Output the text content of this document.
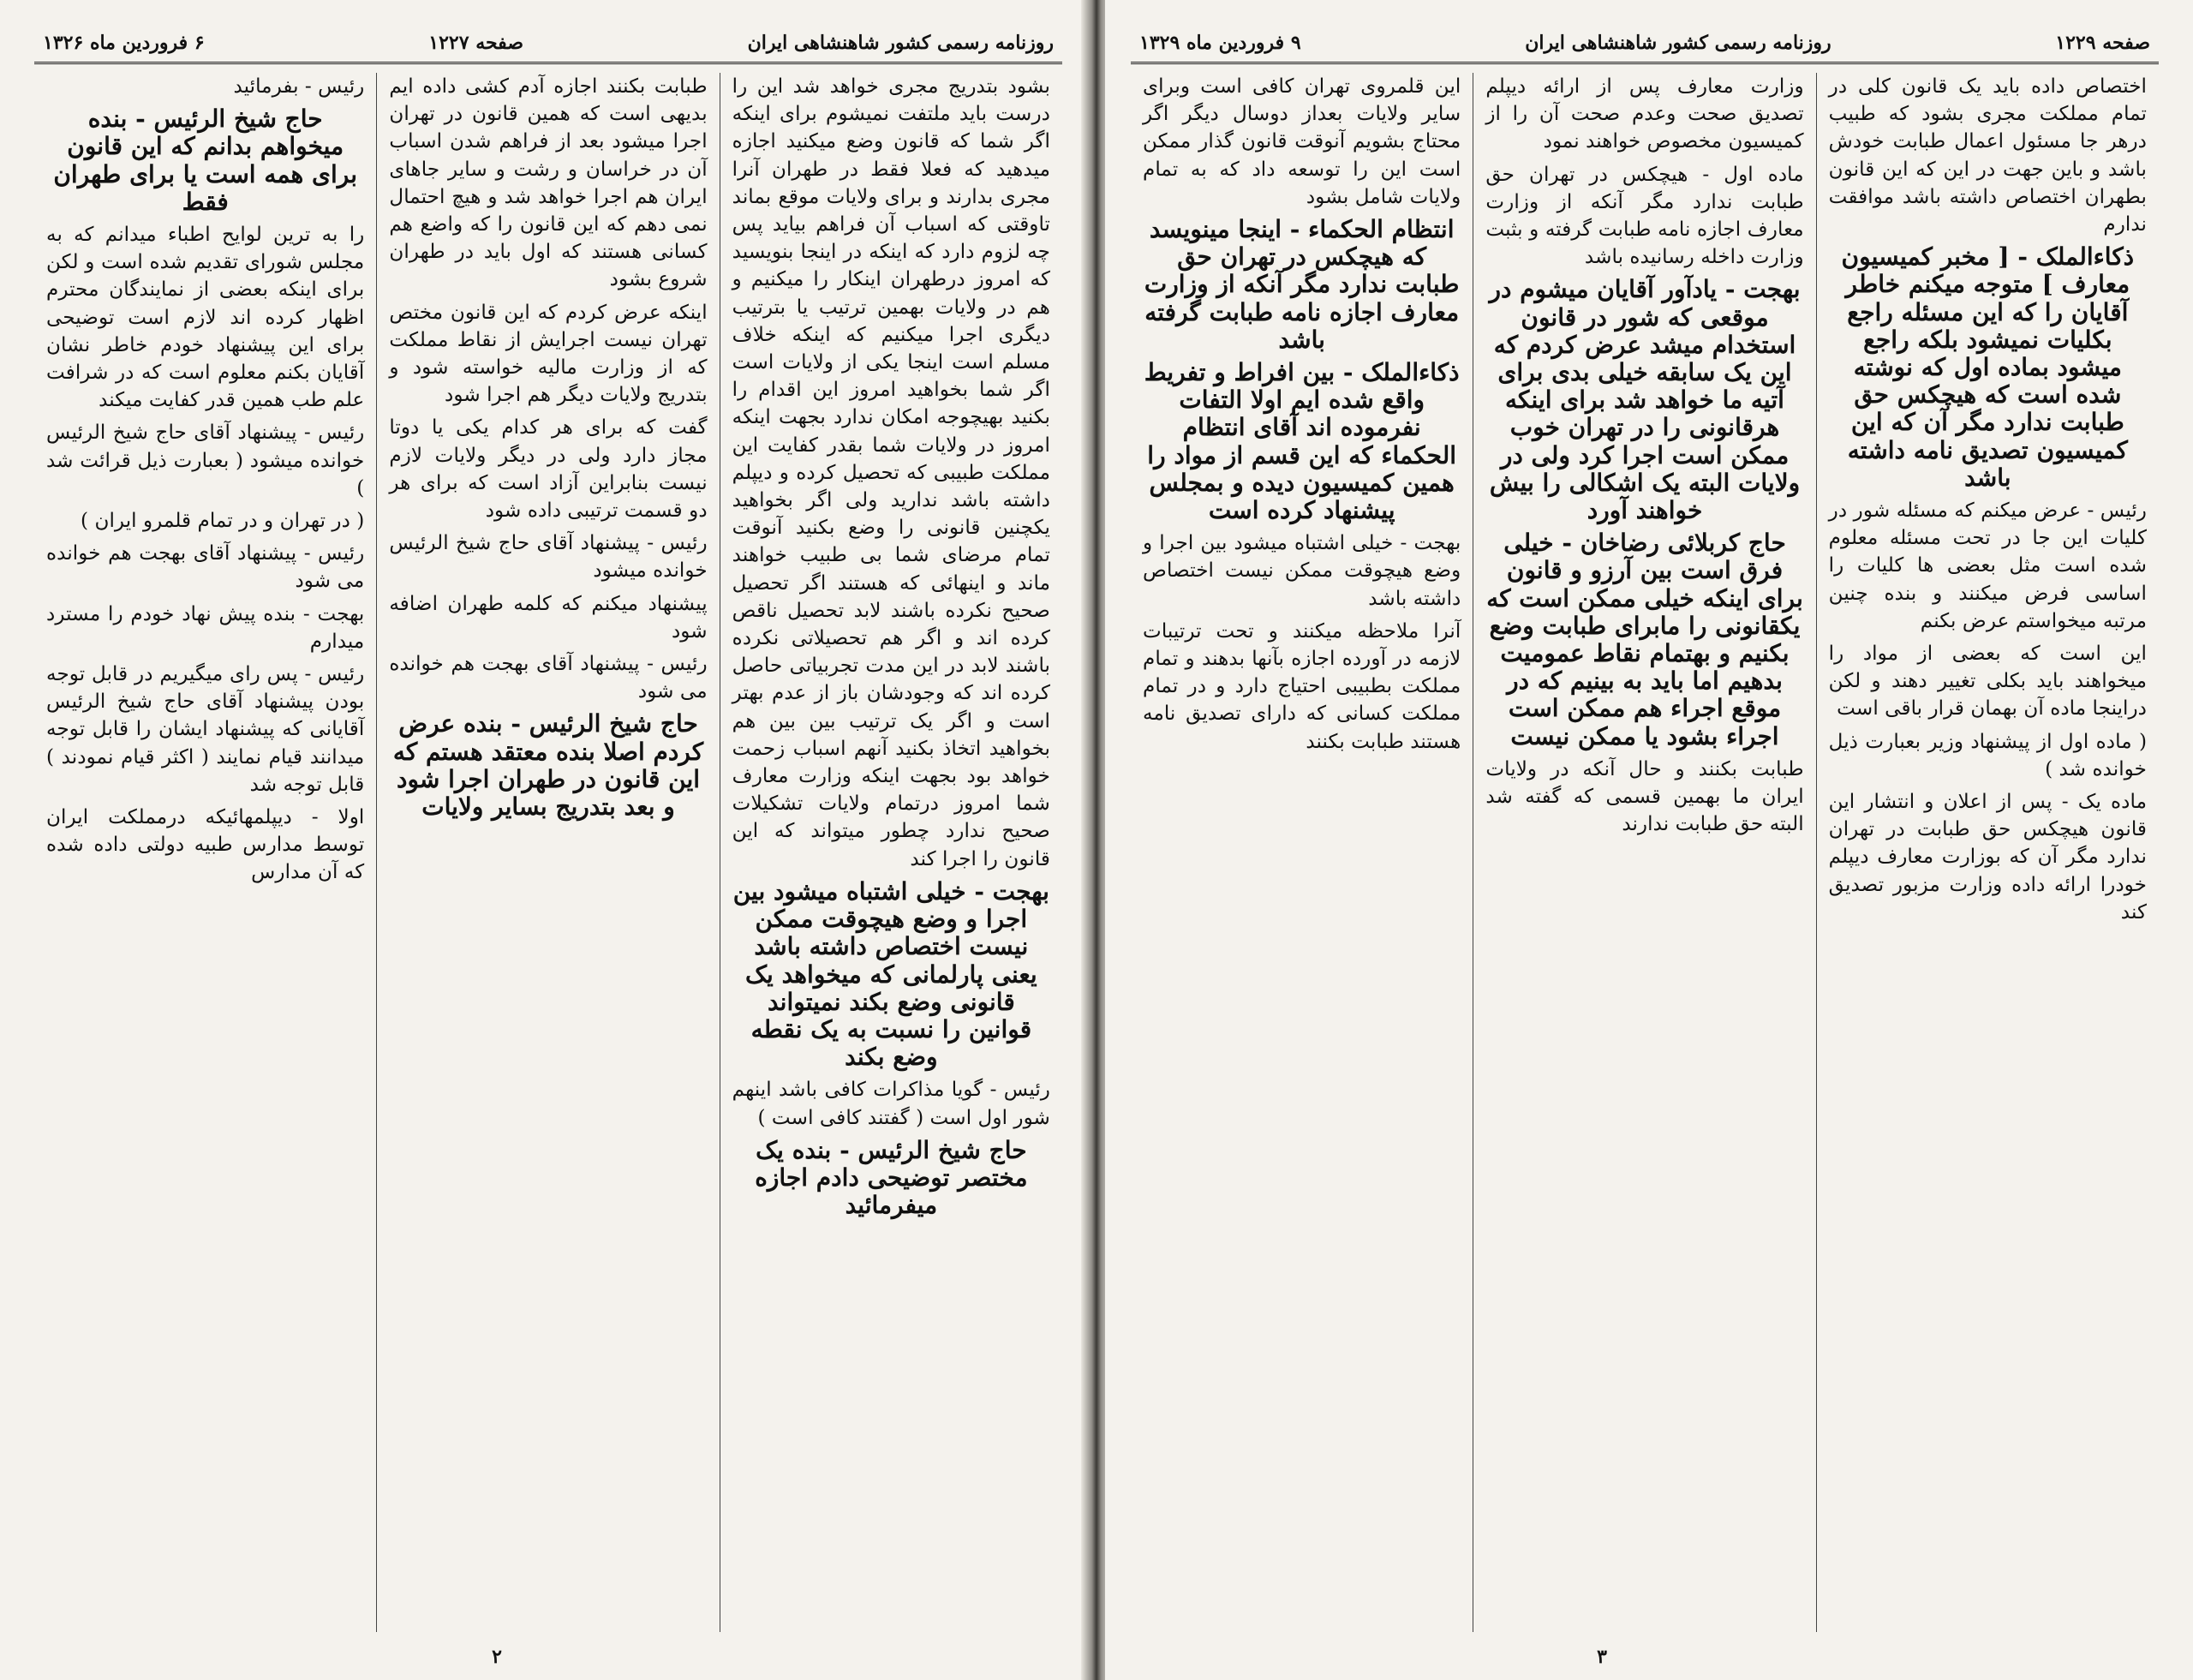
روزنامه رسمی کشور شاهنشاهی ایران
صفحه ۱۲۲۷
۶ فروردین ماه ۱۳۲۶

بشود بتدریج مجری خواهد شد این را درست باید ملتفت نمیشوم برای اینکه اگر شما که قانون وضع میکنید اجازه میدهید که فعلا فقط در طهران آنرا مجری بدارند و برای ولایات موقع بماند تاوقتی که اسباب آن فراهم بیاید پس چه لزوم دارد که اینکه در اینجا بنویسید که امروز درطهران اینکار را میکنیم و هم در ولایات بهمین ترتیب یا بترتیب دیگری اجرا میکنیم که اینکه خلاف مسلم است اینجا یکی از ولایات است اگر شما بخواهید امروز این اقدام را بکنید بهیچوجه امکان ندارد بجهت اینکه امروز در ولایات شما بقدر کفایت این مملکت طبیبی که تحصیل کرده و دیپلم داشته باشد ندارید ولی اگر بخواهید یکچنین قانونی را وضع بکنید آنوقت تمام مرضای شما بی طبیب خواهند ماند و اینهائی که هستند اگر تحصیل صحیح نکرده باشند لابد تحصیل ناقص کرده اند و اگر هم تحصیلاتی نکرده باشند لابد در این مدت تجربیاتی حاصل کرده اند که وجودشان باز از عدم بهتر است و اگر یک ترتیب بین بین هم بخواهید اتخاذ بکنید آنهم اسباب زحمت خواهد بود بجهت اینکه وزارت معارف شما امروز درتمام ولایات تشکیلات صحیح ندارد چطور میتواند که این قانون را اجرا کند

بهجت - خیلی اشتباه میشود بین اجرا و وضع هیچوقت ممکن نیست اختصاص داشته باشد یعنی پارلمانی که میخواهد یک قانونی وضع بکند نمیتواند قوانین را نسبت به یک نقطه وضع بکند

رئیس - گویا مذاکرات کافی باشد اینهم شور اول است ( گفتند کافی است )

حاج شیخ الرئیس - بنده یک مختصر توضیحی دادم اجازه میفرمائید

طبابت بکنند اجازه آدم کشی داده ایم بدیهی است که همین قانون در تهران اجرا میشود بعد از فراهم شدن اسباب آن در خراسان و رشت و سایر جاهای ایران هم اجرا خواهد شد و هیچ احتمال نمی دهم که این قانون را که واضع هم کسانی هستند که اول باید در طهران شروع بشود

اینکه عرض کردم که این قانون مختص تهران نیست اجرایش از نقاط مملکت که از وزارت مالیه خواسته شود و بتدریج ولایات دیگر هم اجرا شود

گفت که برای هر کدام یکی یا دوتا مجاز دارد ولی در دیگر ولایات لازم نیست بنابراین آزاد است که برای هر دو قسمت ترتیبی داده شود

رئیس - پیشنهاد آقای حاج شیخ الرئیس خوانده میشود

پیشنهاد میکنم که کلمه طهران اضافه شود

رئیس - پیشنهاد آقای بهجت هم خوانده می شود

حاج شیخ الرئیس - بنده عرض کردم اصلا بنده معتقد هستم که این قانون در طهران اجرا شود و بعد بتدریج بسایر ولایات

رئیس - بفرمائید

حاج شیخ الرئیس - بنده میخواهم بدانم که این قانون برای همه است یا برای طهران فقط

را به ترین لوایح اطباء میدانم که به مجلس شورای تقدیم شده است و لکن برای اینکه بعضی از نمایندگان محترم اظهار کرده اند لازم است توضیحی برای این پیشنهاد خودم خاطر نشان آقایان بکنم معلوم است که در شرافت علم طب همین قدر کفایت میکند

رئیس - پیشنهاد آقای حاج شیخ الرئیس خوانده میشود ( بعبارت ذیل قرائت شد )

( در تهران و در تمام قلمرو ایران )

رئیس - پیشنهاد آقای بهجت هم خوانده می شود

بهجت - بنده پیش نهاد خودم را مسترد میدارم

رئیس - پس رای میگیریم در قابل توجه بودن پیشنهاد آقای حاج شیخ الرئیس آقایانی که پیشنهاد ایشان را قابل توجه میدانند قیام نمایند ( اکثر قیام نمودند ) قابل توجه شد

اولا - دیپلمهائیکه درمملکت ایران توسط مدارس طبیه دولتی داده شده که آن مدارس

۲
صفحه ۱۲۲۹
روزنامه رسمی کشور شاهنشاهی ایران
۹ فروردین ماه ۱۳۲۹

اختصاص داده باید یک قانون کلی در تمام مملکت مجری بشود که طبیب درهر جا مسئول اعمال طبابت خودش باشد و باین جهت در این که این قانون بطهران اختصاص داشته باشد موافقت ندارم

ذکاءالملک - [ مخبر کمیسیون معارف ] متوجه میکنم خاطر آقایان را که این مسئله راجع بکلیات نمیشود بلکه راجع میشود بماده اول که نوشته شده است که هیچکس حق طبابت ندارد مگر آن که این کمیسیون تصدیق نامه داشته باشد

رئیس - عرض میکنم که مسئله شور در کلیات این جا در تحت مسئله معلوم شده است مثل بعضی ها کلیات را اساسی فرض میکنند و بنده چنین مرتبه میخواستم عرض بکنم

این است که بعضی از مواد را میخواهند باید بکلی تغییر دهند و لکن دراینجا ماده آن بهمان قرار باقی است

( ماده اول از پیشنهاد وزیر بعبارت ذیل خوانده شد )

ماده یک - پس از اعلان و انتشار این قانون هیچکس حق طبابت در تهران ندارد مگر آن که بوزارت معارف دیپلم خودرا ارائه داده وزارت مزبور تصدیق کند

وزارت معارف پس از ارائه دیپلم تصدیق صحت وعدم صحت آن را از کمیسیون مخصوص خواهند نمود

ماده اول - هیچکس در تهران حق طبابت ندارد مگر آنکه از وزارت معارف اجازه نامه طبابت گرفته و بثبت وزارت داخله رسانیده باشد

بهجت - یادآور آقایان میشوم در موقعی که شور در قانون استخدام میشد عرض کردم که این یک سابقه خیلی بدی برای آتیه ما خواهد شد برای اینکه هرقانونی را در تهران خوب ممکن است اجرا کرد ولی در ولایات البته یک اشکالی را بیش خواهند آورد

حاج کربلائی رضاخان - خیلی فرق است بین آرزو و قانون برای اینکه خیلی ممکن است که یکقانونی را مابرای طبابت وضع بکنیم و بهتمام نقاط عمومیت بدهیم اما باید به بینیم که در موقع اجراء هم ممکن است اجراء بشود یا ممکن نیست

طبابت بکنند و حال آنکه در ولایات ایران ما بهمین قسمی که گفته شد البته حق طبابت ندارند

این قلمروی تهران کافی است وبرای سایر ولایات بعداز دوسال دیگر اگر محتاج بشویم آنوقت قانون گذار ممکن است این را توسعه داد که به تمام ولایات شامل بشود

انتظام الحکماء - اینجا مینویسد که هیچکس در تهران حق طبابت ندارد مگر آنکه از وزارت معارف اجازه نامه طبابت گرفته باشد

ذکاءالملک - بین افراط و تفریط واقع شده ایم اولا التفات نفرموده اند آقای انتظام الحکماء که این قسم از مواد را همین کمیسیون دیده و بمجلس پیشنهاد کرده است

بهجت - خیلی اشتباه میشود بین اجرا و وضع هیچوقت ممکن نیست اختصاص داشته باشد

آنرا ملاحظه میکنند و تحت ترتیبات لازمه در آورده اجازه بآنها بدهند و تمام مملکت بطبیبی احتیاج دارد و در تمام مملکت کسانی که دارای تصدیق نامه هستند طبابت بکنند

۳
